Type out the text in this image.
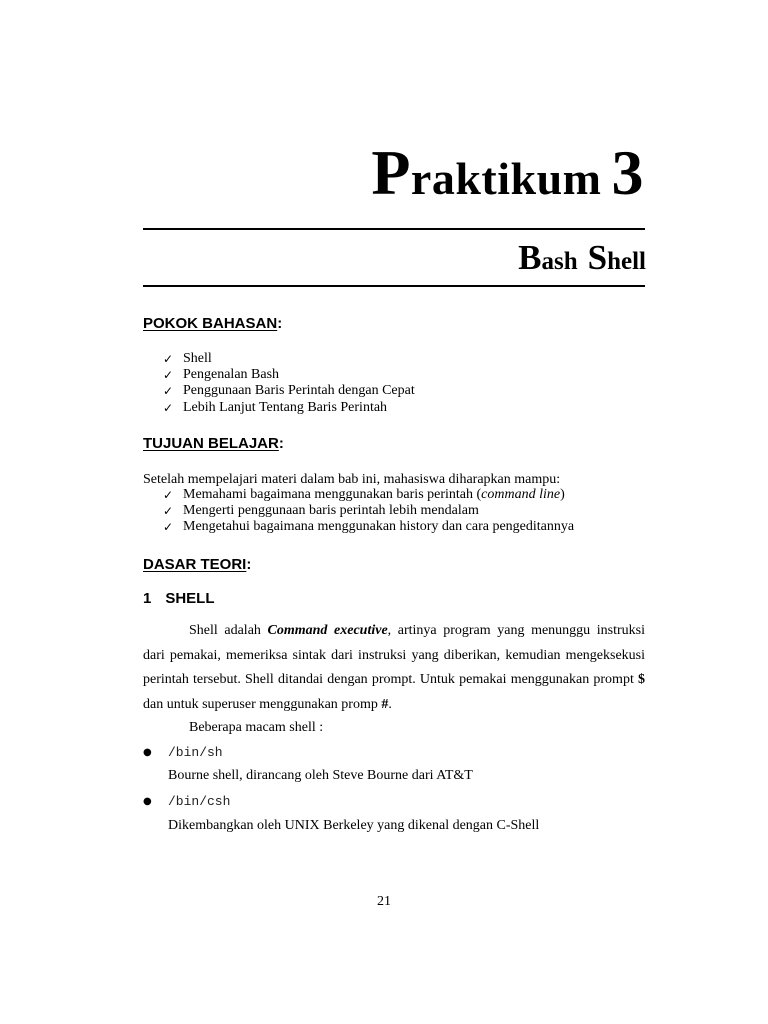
Praktikum 3
Bash Shell
POKOK BAHASAN:
✓ Shell
✓ Pengenalan Bash
✓ Penggunaan Baris Perintah dengan Cepat
✓ Lebih Lanjut Tentang Baris Perintah
TUJUAN BELAJAR:

Setelah mempelajari materi dalam bab ini, mahasiswa diharapkan mampu:

✓ Memahami bagaimana menggunakan baris perintah (command line)
✓ Mengerti penggunaan baris perintah lebih mendalam
✓ Mengetahui bagaimana menggunakan history dan cara pengeditannya
DASAR TEORI:
1 SHELL

Shell adalah Command executive, artinya program yang menunggu instruksi dari pemakai, memeriksa sintak dari instruksi yang diberikan, kemudian mengeksekusi perintah tersebut. Shell ditandai dengan prompt. Untuk pemakai menggunakan prompt $ dan untuk superuser menggunakan promp #.

Beberapa macam shell :

● /bin/sh

Bourne shell, dirancang oleh Steve Bourne dari AT&T

● /bin/csh

Dikembangkan oleh UNIX Berkeley yang dikenal dengan C-Shell

21
